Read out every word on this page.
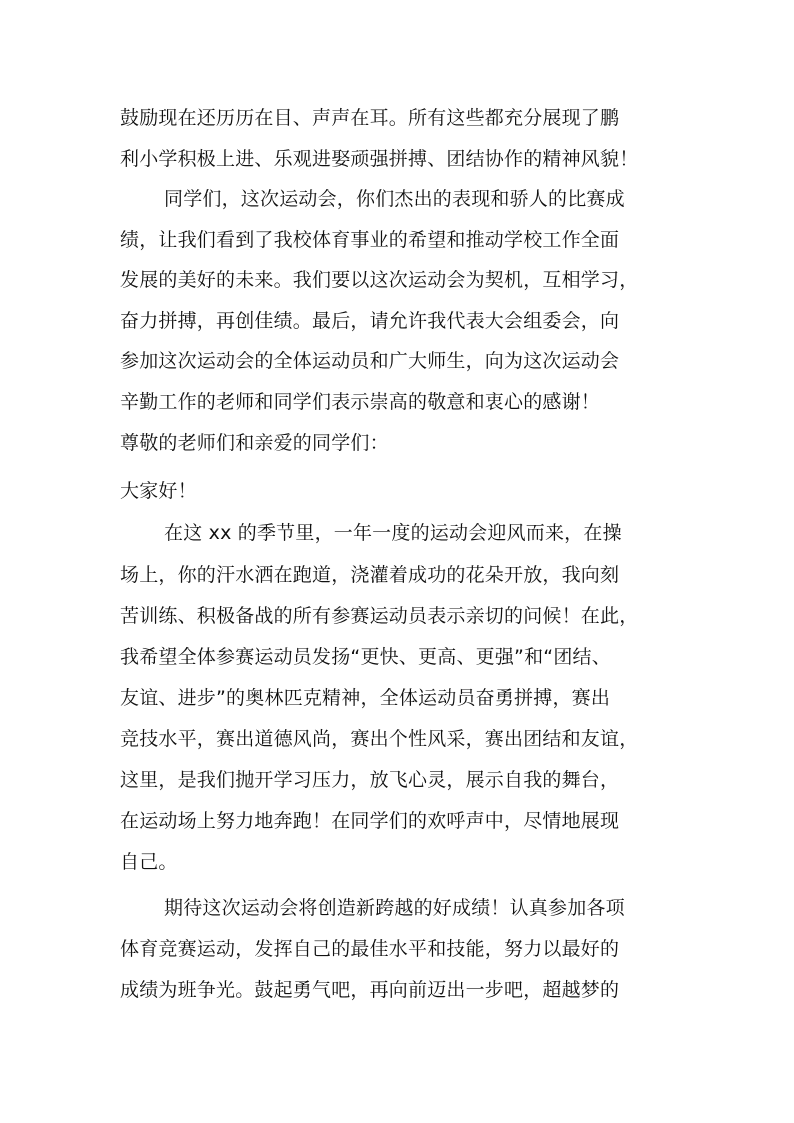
鼓励现在还历历在目、声声在耳。所有这些都充分展现了鹏
利小学积极上进、乐观进娶顽强拼搏、团结协作的精神风貌！
同学们，这次运动会，你们杰出的表现和骄人的比赛成
绩，让我们看到了我校体育事业的希望和推动学校工作全面
发展的美好的未来。我们要以这次运动会为契机，互相学习，
奋力拼搏，再创佳绩。最后，请允许我代表大会组委会，向
参加这次运动会的全体运动员和广大师生，向为这次运动会
辛勤工作的老师和同学们表示崇高的敬意和衷心的感谢！
尊敬的老师们和亲爱的同学们：
大家好！
在这 xx 的季节里，一年一度的运动会迎风而来，在操
场上，你的汗水洒在跑道，浇灌着成功的花朵开放，我向刻
苦训练、积极备战的所有参赛运动员表示亲切的问候！在此，
我希望全体参赛运动员发扬“更快、更高、更强”和“团结、
友谊、进步”的奥林匹克精神，全体运动员奋勇拼搏，赛出
竞技水平，赛出道德风尚，赛出个性风采，赛出团结和友谊，
这里，是我们抛开学习压力，放飞心灵，展示自我的舞台，
在运动场上努力地奔跑！在同学们的欢呼声中，尽情地展现
自己。
期待这次运动会将创造新跨越的好成绩！认真参加各项
体育竞赛运动，发挥自己的最佳水平和技能，努力以最好的
成绩为班争光。鼓起勇气吧，再向前迈出一步吧，超越梦的
